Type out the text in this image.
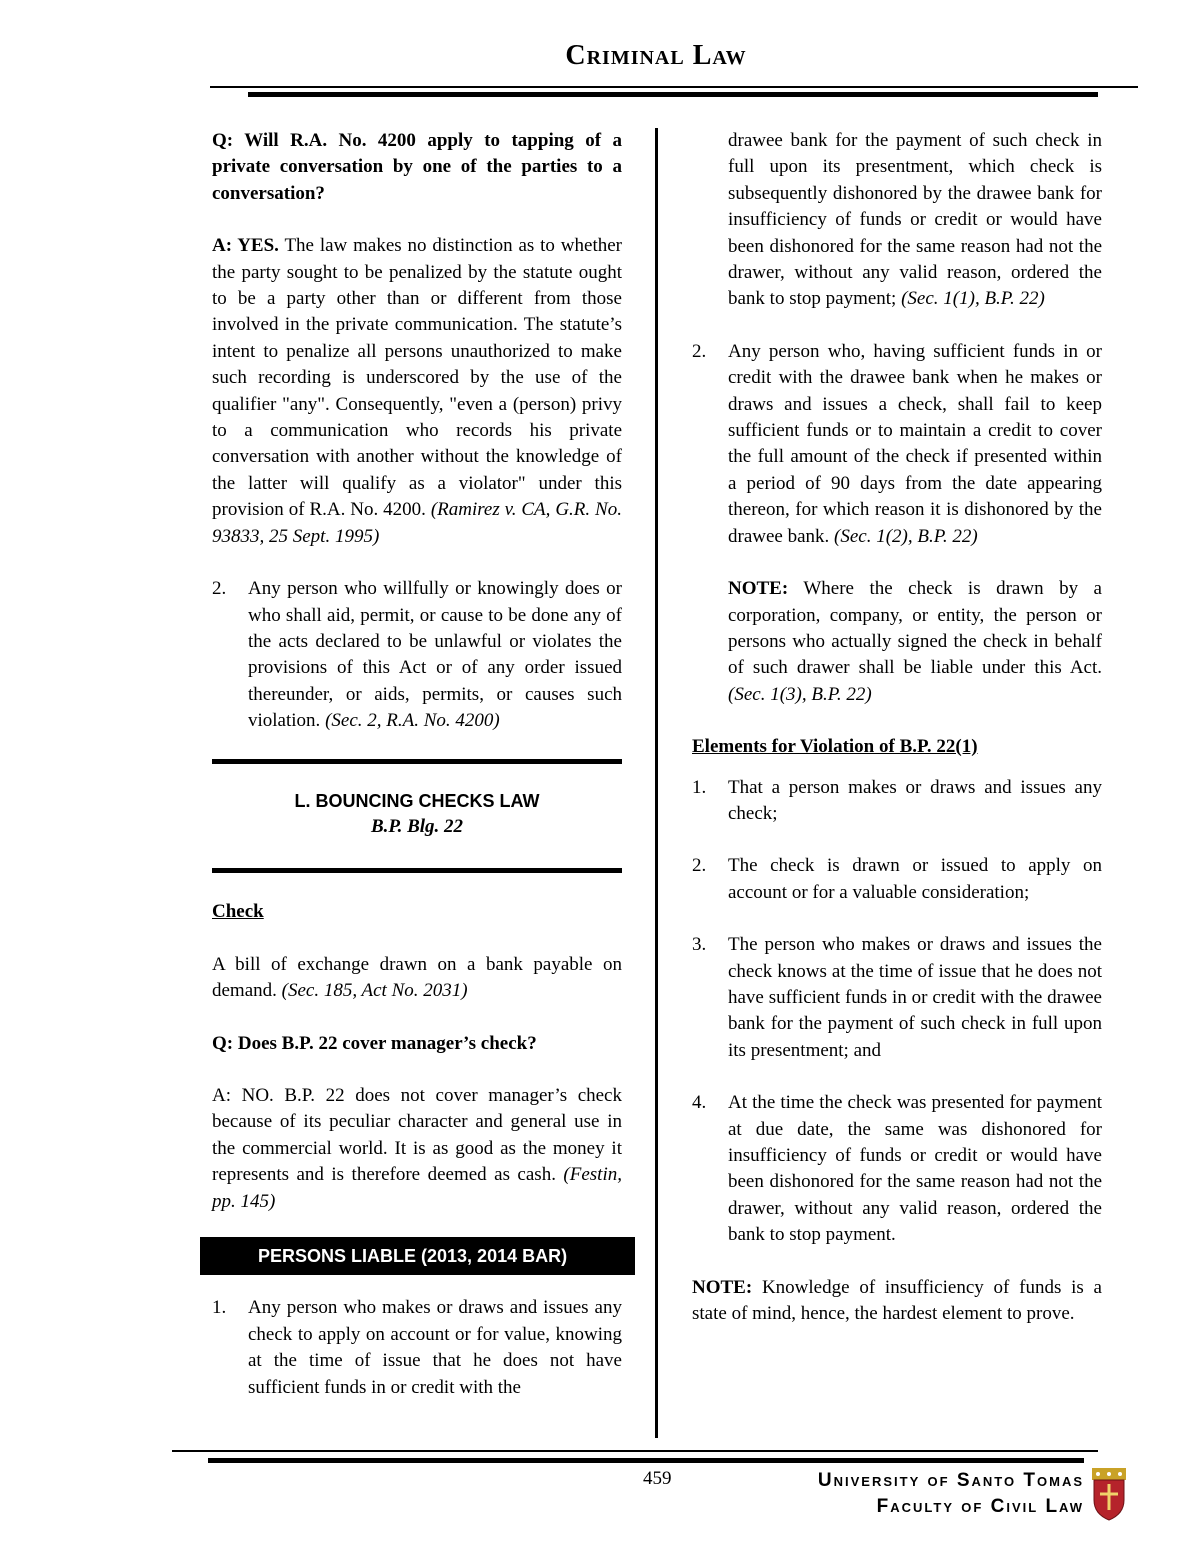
Criminal Law

Q: Will R.A. No. 4200 apply to tapping of a private conversation by one of the parties to a conversation?

A: YES. The law makes no distinction as to whether the party sought to be penalized by the statute ought to be a party other than or different from those involved in the private communication. The statute’s intent to penalize all persons unauthorized to make such recording is underscored by the use of the qualifier "any". Consequently, "even a (person) privy to a communication who records his private conversation with another without the knowledge of the latter will qualify as a violator" under this provision of R.A. No. 4200. (Ramirez v. CA, G.R. No. 93833, 25 Sept. 1995)

2. Any person who willfully or knowingly does or who shall aid, permit, or cause to be done any of the acts declared to be unlawful or violates the provisions of this Act or of any order issued thereunder, or aids, permits, or causes such violation. (Sec. 2, R.A. No. 4200)

L. BOUNCING CHECKS LAW

B.P. Blg. 22

Check

A bill of exchange drawn on a bank payable on demand. (Sec. 185, Act No. 2031)

Q: Does B.P. 22 cover manager’s check?

A: NO. B.P. 22 does not cover manager’s check because of its peculiar character and general use in the commercial world. It is as good as the money it represents and is therefore deemed as cash. (Festin, pp. 145)

PERSONS LIABLE (2013, 2014 BAR)
1. Any person who makes or draws and issues any check to apply on account or for value, knowing at the time of issue that he does not have sufficient funds in or credit with the

drawee bank for the payment of such check in full upon its presentment, which check is subsequently dishonored by the drawee bank for insufficiency of funds or credit or would have been dishonored for the same reason had not the drawer, without any valid reason, ordered the bank to stop payment; (Sec. 1(1), B.P. 22)

2. Any person who, having sufficient funds in or credit with the drawee bank when he makes or draws and issues a check, shall fail to keep sufficient funds or to maintain a credit to cover the full amount of the check if presented within a period of 90 days from the date appearing thereon, for which reason it is dishonored by the drawee bank. (Sec. 1(2), B.P. 22)

NOTE: Where the check is drawn by a corporation, company, or entity, the person or persons who actually signed the check in behalf of such drawer shall be liable under this Act. (Sec. 1(3), B.P. 22)

Elements for Violation of B.P. 22(1)

1. That a person makes or draws and issues any check;
2. The check is drawn or issued to apply on account or for a valuable consideration;
3. The person who makes or draws and issues the check knows at the time of issue that he does not have sufficient funds in or credit with the drawee bank for the payment of such check in full upon its presentment; and
4. At the time the check was presented for payment at due date, the same was dishonored for insufficiency of funds or credit or would have been dishonored for the same reason had not the drawer, without any valid reason, ordered the bank to stop payment.

NOTE: Knowledge of insufficiency of funds is a state of mind, hence, the hardest element to prove.

459	University of Santo Tomas
Faculty of Civil Law
